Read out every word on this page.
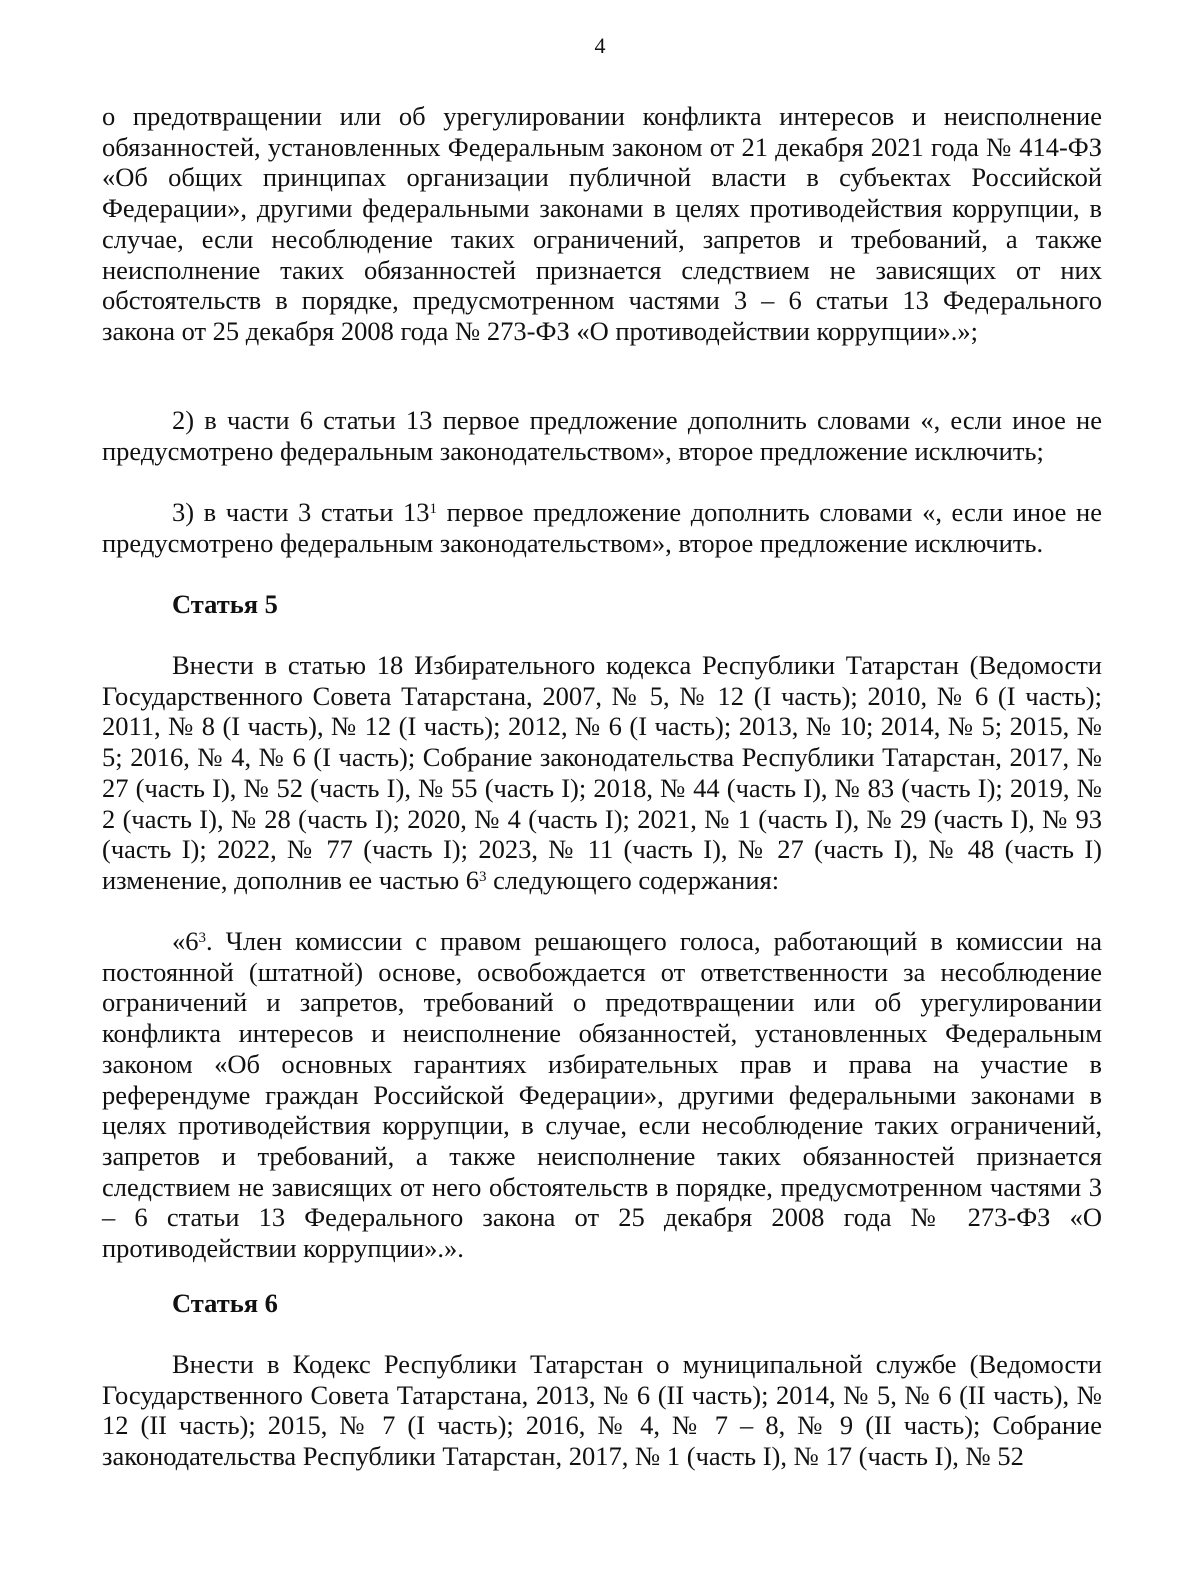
4

о предотвращении или об урегулировании конфликта интересов и неисполнение обязанностей, установленных Федеральным законом от 21 декабря 2021 года № 414-ФЗ «Об общих принципах организации публичной власти в субъектах Российской Федерации», другими федеральными законами в целях противодействия коррупции, в случае, если несоблюдение таких ограничений, запретов и требований, а также неисполнение таких обязанностей признается следствием не зависящих от них обстоятельств в порядке, предусмотренном частями 3 – 6 статьи 13 Федерального закона от 25 декабря 2008 года № 273-ФЗ «О противодействии коррупции».»;

2) в части 6 статьи 13 первое предложение дополнить словами «, если иное не предусмотрено федеральным законодательством», второе предложение исключить;

3) в части 3 статьи $13^1$ первое предложение дополнить словами «, если иное не предусмотрено федеральным законодательством», второе предложение исключить.

Статья 5

Внести в статью 18 Избирательного кодекса Республики Татарстан (Ведомости Государственного Совета Татарстана, 2007, № 5, № 12 (I часть); 2010, № 6 (I часть); 2011, № 8 (I часть), № 12 (I часть); 2012, № 6 (I часть); 2013, № 10; 2014, № 5; 2015, № 5; 2016, № 4, № 6 (I часть); Собрание законодательства Республики Татарстан, 2017, № 27 (часть I), № 52 (часть I), № 55 (часть I); 2018, № 44 (часть I), № 83 (часть I); 2019, № 2 (часть I), № 28 (часть I); 2020, № 4 (часть I); 2021, № 1 (часть I), № 29 (часть I), № 93 (часть I); 2022, № 77 (часть I); 2023, № 11 (часть I), № 27 (часть I), № 48 (часть I) изменение, дополнив ее частью $6^3$ следующего содержания:

«$6^3$. Член комиссии с правом решающего голоса, работающий в комиссии на постоянной (штатной) основе, освобождается от ответственности за несоблюдение ограничений и запретов, требований о предотвращении или об урегулировании конфликта интересов и неисполнение обязанностей, установленных Федеральным законом «Об основных гарантиях избирательных прав и права на участие в референдуме граждан Российской Федерации», другими федеральными законами в целях противодействия коррупции, в случае, если несоблюдение таких ограничений, запретов и требований, а также неисполнение таких обязанностей признается следствием не зависящих от него обстоятельств в порядке, предусмотренном частями 3 – 6 статьи 13 Федерального закона от 25 декабря 2008 года № 273-ФЗ «О противодействии коррупции».».

Статья 6

Внести в Кодекс Республики Татарстан о муниципальной службе (Ведомости Государственного Совета Татарстана, 2013, № 6 (II часть); 2014, № 5, № 6 (II часть), № 12 (II часть); 2015, № 7 (I часть); 2016, № 4, № 7 – 8, № 9 (II часть); Собрание законодательства Республики Татарстан, 2017, № 1 (часть I), № 17 (часть I), № 52
